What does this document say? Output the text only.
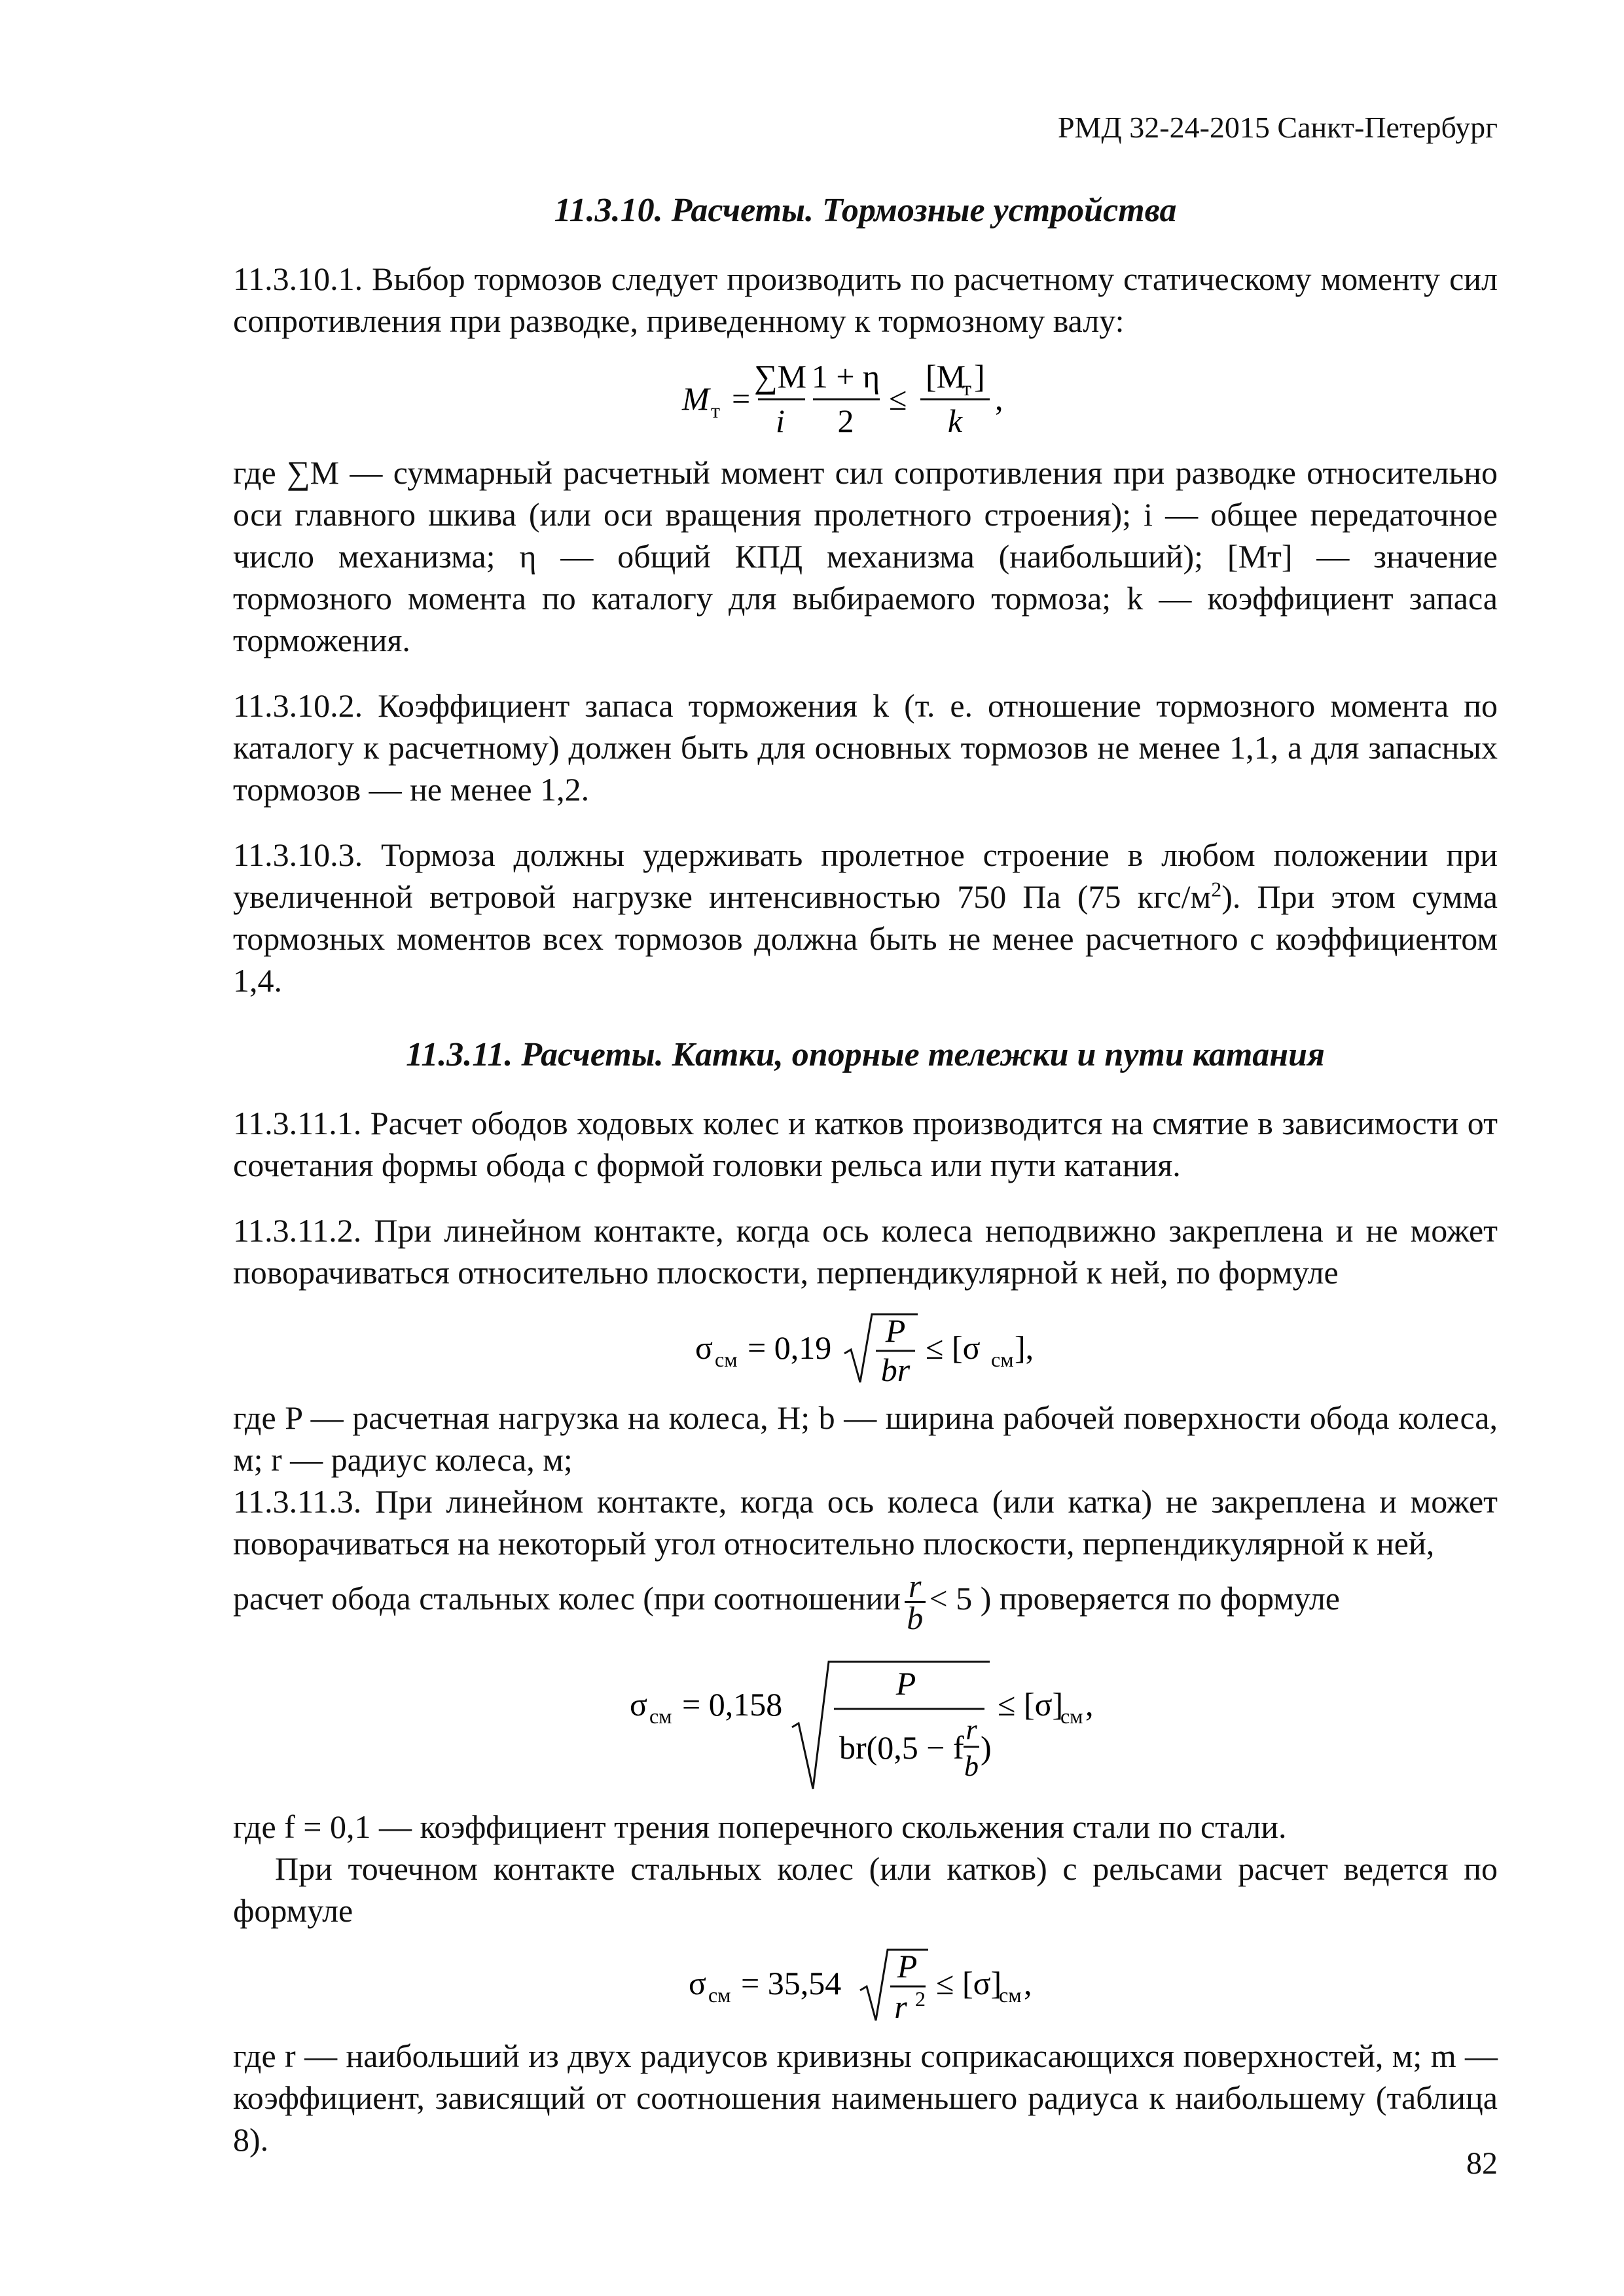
РМД 32-24-2015 Санкт-Петербург
11.3.10. Расчеты. Тормозные устройства

11.3.10.1. Выбор тормозов следует производить по расчетному статическому моменту сил сопротивления при разводке, приведенному к тормозному валу:

M т =
∑M
i
1 + η
2
≤
[M
т ]
k
,

где ∑M — суммарный расчетный момент сил сопротивления при разводке относительно оси главного шкива (или оси вращения пролетного строения); i — общее передаточное число механизма; η — общий КПД механизма (наибольший); [Mт] — значение тормозного момента по каталогу для выбираемого тормоза; k — коэффициент запаса торможения.

11.3.10.2. Коэффициент запаса торможения k (т. е. отношение тормозного момента по каталогу к расчетному) должен быть для основных тормозов не менее 1,1, а для запасных тормозов — не менее 1,2.

11.3.10.3. Тормоза должны удерживать пролетное строение в любом положении при увеличенной ветровой нагрузке интенсивностью 750 Па (75 кгс/$м^2$). При этом сумма тормозных моментов всех тормозов должна быть не менее расчетного с коэффициентом 1,4.

11.3.11. Расчеты. Катки, опорные тележки и пути катания

11.3.11.1. Расчет ободов ходовых колес и катков производится на смятие в зависимости от сочетания формы обода с формой головки рельса или пути катания.

11.3.11.2. При линейном контакте, когда ось колеса неподвижно закреплена и не может поворачиваться относительно плоскости, перпендикулярной к ней, по формуле

σ см = 0,19 P
br
≤ [σ см ],

где P — расчетная нагрузка на колеса, Н; b — ширина рабочей поверхности обода колеса, м; r — радиус колеса, м;

11.3.11.3. При линейном контакте, когда ось колеса (или катка) не закреплена и может поворачиваться на некоторый угол относительно плоскости, перпендикулярной к ней,

расчет обода стальных колес (при соотношении $\frac{r}{b} < 5$ ) проверяется по формуле

σ см = 0,158
P
br(0,5 − f r
b
)
≤ [σ]
см ,

где f = 0,1 — коэффициент трения поперечного скольжения стали по стали.

При точечном контакте стальных колес (или катков) с рельсами расчет ведется по формуле

σ см = 35,54 P
r 2 ≤ [σ]
см ,

где r — наибольший из двух радиусов кривизны соприкасающихся поверхностей, м; m — коэффициент, зависящий от соотношения наименьшего радиуса к наибольшему (таблица 8).

82
